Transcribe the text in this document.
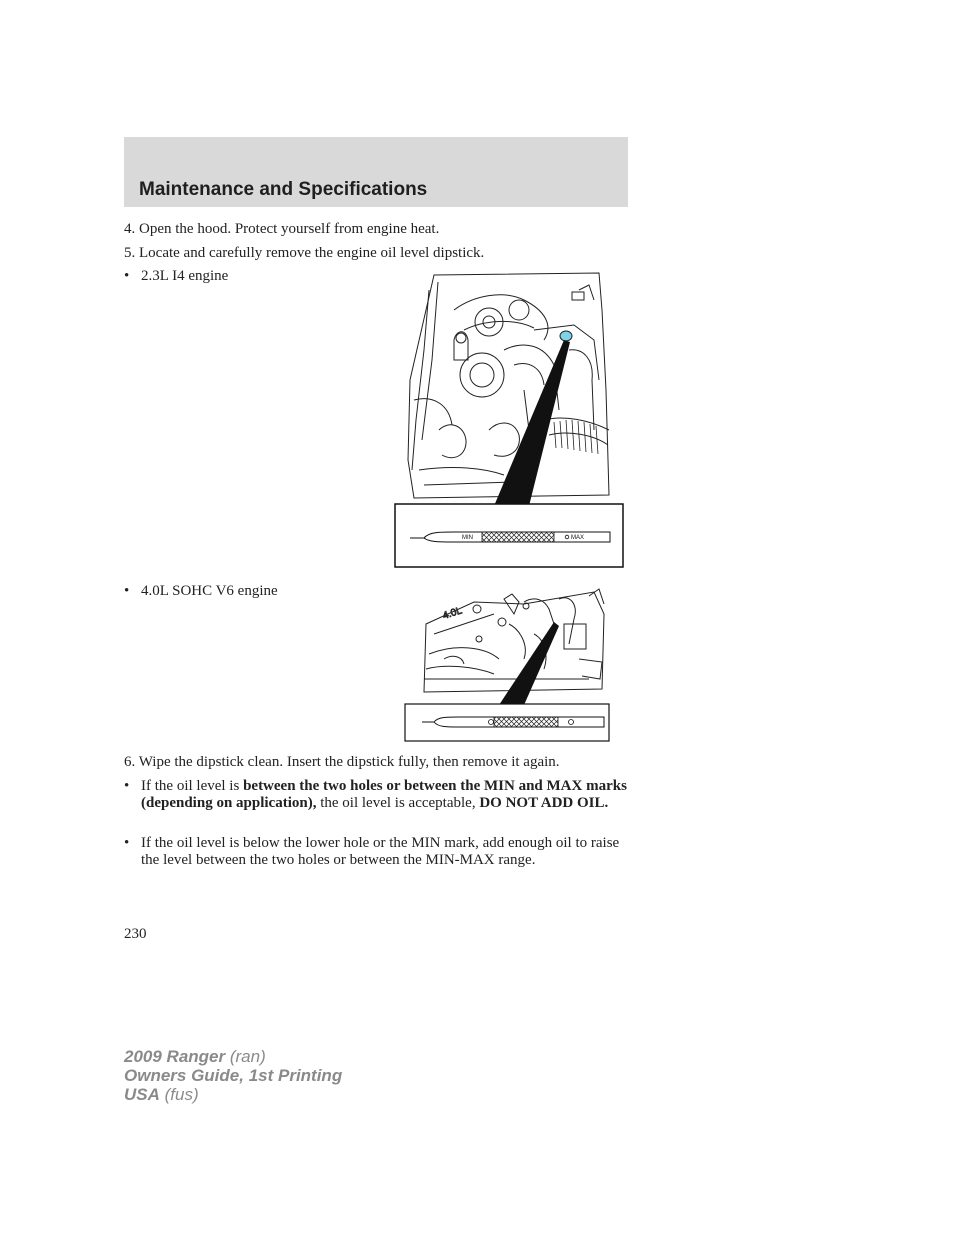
Maintenance and Specifications
4. Open the hood. Protect yourself from engine heat.
5. Locate and carefully remove the engine oil level dipstick.
• 2.3L I4 engine
MIN	MAX
• 4.0L SOHC V6 engine
4.0L
6. Wipe the dipstick clean. Insert the dipstick fully, then remove it again.
• If the oil level is between the two holes or between the MIN and MAX marks (depending on application), the oil level is acceptable, DO NOT ADD OIL.
• If the oil level is below the lower hole or the MIN mark, add enough oil to raise the level between the two holes or between the MIN-MAX range.
230
2009 Ranger (ran)
Owners Guide, 1st Printing
USA (fus)
